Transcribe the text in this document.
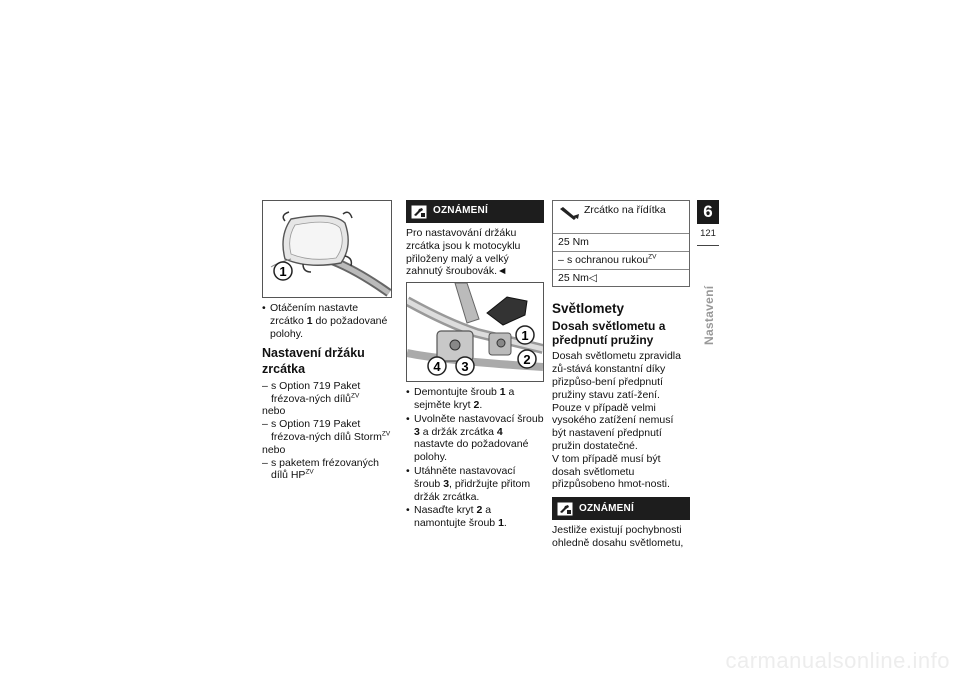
1
• Otáčením nastavte zrcátko 1 do požadované polohy.
Nastavení držáku zrcátka
– s Option 719 Paket frézova-ných dílů$^{ZV}$
nebo
– s Option 719 Paket frézova-ných dílů Storm$^{ZV}$
nebo
– s paketem frézovaných dílů $HP^{ZV}$
OZNÁMENÍ

Pro nastavování držáku zrcátka jsou k motocyklu přiloženy malý a velký zahnutý šroubovák.◄

1
2
3
4
• Demontujte šroub 1 a sejměte kryt 2.
• Uvolněte nastavovací šroub 3 a držák zrcátka 4 nastavte do požadované polohy.
• Utáhněte nastavovací šroub 3, přidržujte přitom držák zrcátka.
• Nasaďte kryt 2 a namontujte šroub 1.
Zrcátko na řídítka
25 Nm
– s ochranou rukou$^{ZV}$
25 Nm◁
Světlomety
Dosah světlometu a předpnutí pružiny

Dosah světlometu zpravidla zů-stává konstantní díky přizpůso-bení předpnutí pružiny stavu zatí-žení.

Pouze v případě velmi vysokého zatížení nemusí být nastavení předpnutí pružin dostatečné.

V tom případě musí být dosah světlometu přizpůsobeno hmot-nosti.

OZNÁMENÍ

Jestliže existují pochybnosti ohledně dosahu světlometu,

6
121
Nastavení
carmanualsonline.info
